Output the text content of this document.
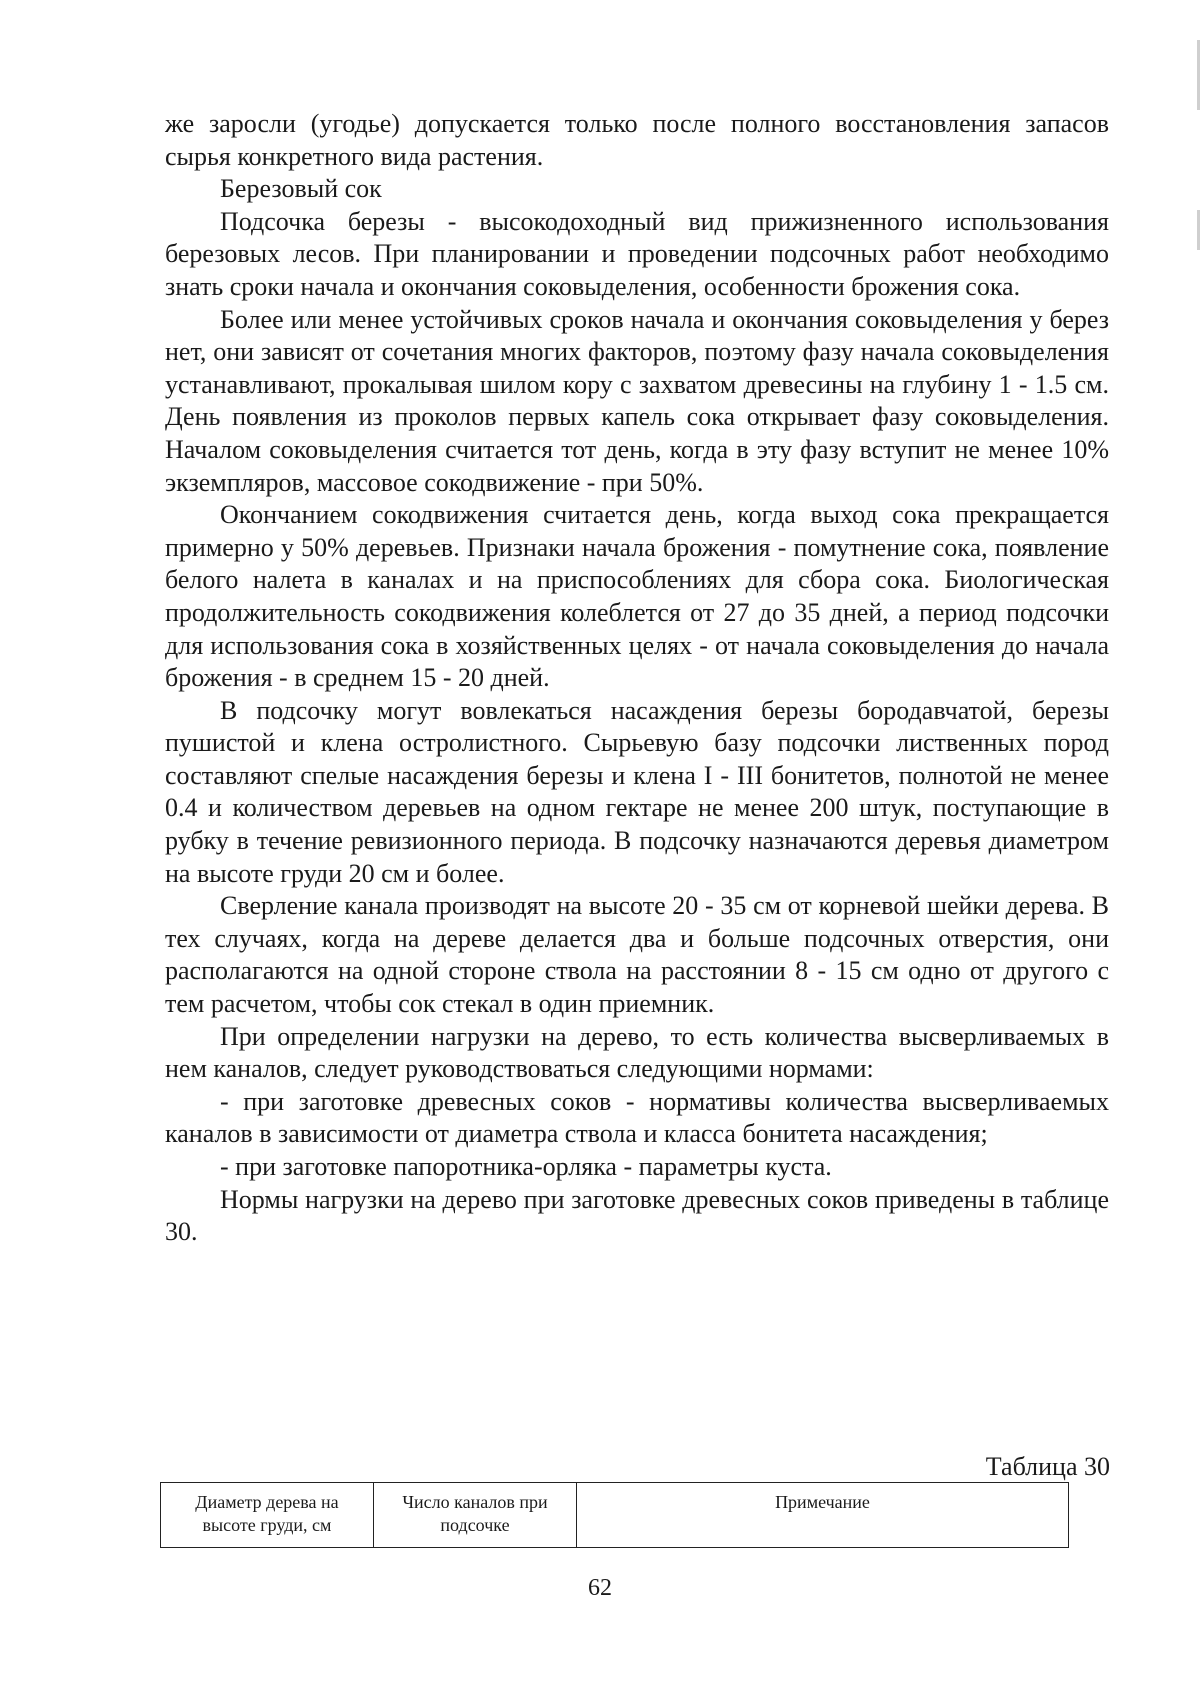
же заросли (угодье) допускается только после полного восстановления запасов сырья конкретного вида растения.

Березовый сок

Подсочка березы - высокодоходный вид прижизненного использования березовых лесов. При планировании и проведении подсочных работ необходимо знать сроки начала и окончания соковыделения, особенности брожения сока.

Более или менее устойчивых сроков начала и окончания соковыделения у берез нет, они зависят от сочетания многих факторов, поэтому фазу начала соковыделения устанавливают, прокалывая шилом кору с захватом древесины на глубину 1 - 1.5 см. День появления из проколов первых капель сока открывает фазу соковыделения. Началом соковыделения считается тот день, когда в эту фазу вступит не менее 10% экземпляров, массовое сокодвижение - при 50%.

Окончанием сокодвижения считается день, когда выход сока прекращается примерно у 50% деревьев. Признаки начала брожения - помутнение сока, появление белого налета в каналах и на приспособлениях для сбора сока. Биологическая продолжительность сокодвижения колеблется от 27 до 35 дней, а период подсочки для использования сока в хозяйственных целях - от начала соковыделения до начала брожения - в среднем 15 - 20 дней.

В подсочку могут вовлекаться насаждения березы бородавчатой, березы пушистой и клена остролистного. Сырьевую базу подсочки лиственных пород составляют спелые насаждения березы и клена I - III бонитетов, полнотой не менее 0.4 и количеством деревьев на одном гектаре не менее 200 штук, поступающие в рубку в течение ревизионного периода. В подсочку назначаются деревья диаметром на высоте груди 20 см и более.

Сверление канала производят на высоте 20 - 35 см от корневой шейки дерева. В тех случаях, когда на дереве делается два и больше подсочных отверстия, они располагаются на одной стороне ствола на расстоянии 8 - 15 см одно от другого с тем расчетом, чтобы сок стекал в один приемник.

При определении нагрузки на дерево, то есть количества высверливаемых в нем каналов, следует руководствоваться следующими нормами:

- при заготовке древесных соков - нормативы количества высверливаемых каналов в зависимости от диаметра ствола и класса бонитета насаждения;

- при заготовке папоротника-орляка - параметры куста.

Нормы нагрузки на дерево при заготовке древесных соков приведены в таблице 30.

Таблица 30
Диаметр дерева на высоте груди, см	Число каналов при подсочке	Примечание
62
